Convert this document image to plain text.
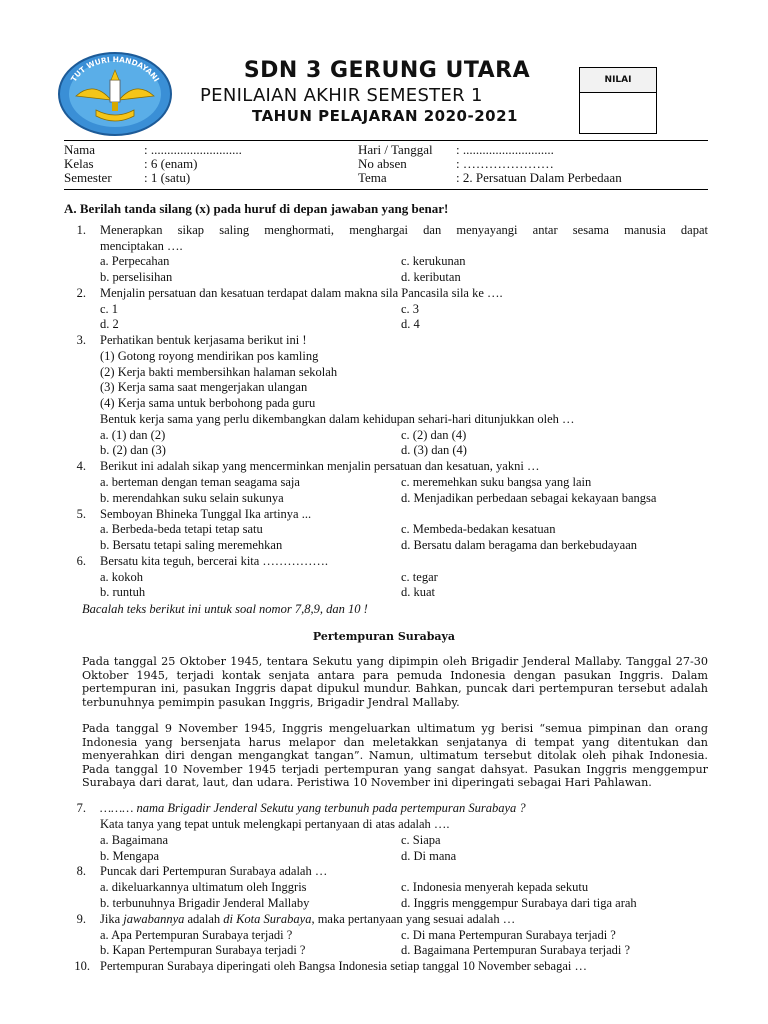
TUT WURI HANDAYANI	SDN 3 GERUNG UTARA
PENILAIAN AKHIR SEMESTER 1
TAHUN PELAJARAN 2020-2021
NILAI
Nama	: ............................
Kelas	: 6 (enam)
Semester : 1 (satu)
Hari / Tanggal : ............................
No absen	: …………………
Tema	: 2. Persatuan Dalam Perbedaan
A. Berilah tanda silang (x) pada huruf di depan jawaban yang benar!
1. Menerapkan sikap saling menghormati, menghargai dan menyayangi antar sesama manusia dapat
menciptakan ….
a. Perpecahan	c. kerukunan
b. perselisihan	d. keributan
2. Menjalin persatuan dan kesatuan terdapat dalam makna sila Pancasila sila ke ….
c. 1	c. 3
d. 2	d. 4
3. Perhatikan bentuk kerjasama berikut ini !
(1) Gotong royong mendirikan pos kamling
(2) Kerja bakti membersihkan halaman sekolah
(3) Kerja sama saat mengerjakan ulangan
(4) Kerja sama untuk berbohong pada guru
Bentuk kerja sama yang perlu dikembangkan dalam kehidupan sehari-hari ditunjukkan oleh …
a. (1) dan (2)	c. (2) dan (4)
b. (2) dan (3)	d. (3) dan (4)
4. Berikut ini adalah sikap yang mencerminkan menjalin persatuan dan kesatuan, yakni …
a. berteman dengan teman seagama saja	c. meremehkan suku bangsa yang lain
b. merendahkan suku selain sukunya	d. Menjadikan perbedaan sebagai kekayaan bangsa
5. Semboyan Bhineka Tunggal Ika artinya ...
a. Berbeda-beda tetapi tetap satu	c. Membeda-bedakan kesatuan
b. Bersatu tetapi saling meremehkan	d. Bersatu dalam beragama dan berkebudayaan
6. Bersatu kita teguh, bercerai kita …………….
a. kokoh	c. tegar
b. runtuh	d. kuat
Bacalah teks berikut ini untuk soal nomor 7,8,9, dan 10 !
Pertempuran Surabaya
Pada tanggal 25 Oktober 1945, tentara Sekutu yang dipimpin oleh Brigadir Jenderal Mallaby. Tanggal 27-30 Oktober 1945, terjadi kontak senjata antara para pemuda Indonesia dengan pasukan Inggris. Dalam pertempuran ini, pasukan Inggris dapat dipukul mundur. Bahkan, puncak dari pertempuran tersebut adalah terbunuhnya pemimpin pasukan Inggris, Brigadir Jendral Mallaby.
Pada tanggal 9 November 1945, Inggris mengeluarkan ultimatum yg berisi “semua pimpinan dan orang Indonesia yang bersenjata harus melapor dan meletakkan senjatanya di tempat yang ditentukan dan menyerahkan diri dengan mengangkat tangan”. Namun, ultimatum tersebut ditolak oleh pihak Indonesia. Pada tanggal 10 November 1945 terjadi pertempuran yang sangat dahsyat. Pasukan Inggris menggempur Surabaya dari darat, laut, dan udara. Peristiwa 10 November ini diperingati sebagai Hari Pahlawan.
7. ……… nama Brigadir Jenderal Sekutu yang terbunuh pada pertempuran Surabaya ?
Kata tanya yang tepat untuk melengkapi pertanyaan di atas adalah ….
a. Bagaimana	c. Siapa
b. Mengapa	d. Di mana
8. Puncak dari Pertempuran Surabaya adalah …
a. dikeluarkannya ultimatum oleh Inggris	c. Indonesia menyerah kepada sekutu
b. terbunuhnya Brigadir Jenderal Mallaby	d. Inggris menggempur Surabaya dari tiga arah
9. Jika jawabannya adalah di Kota Surabaya, maka pertanyaan yang sesuai adalah …
a. Apa Pertempuran Surabaya terjadi ?	c. Di mana Pertempuran Surabaya terjadi ?
b. Kapan Pertempuran Surabaya terjadi ?	d. Bagaimana Pertempuran Surabaya terjadi ?
10. Pertempuran Surabaya diperingati oleh Bangsa Indonesia setiap tanggal 10 November sebagai …
